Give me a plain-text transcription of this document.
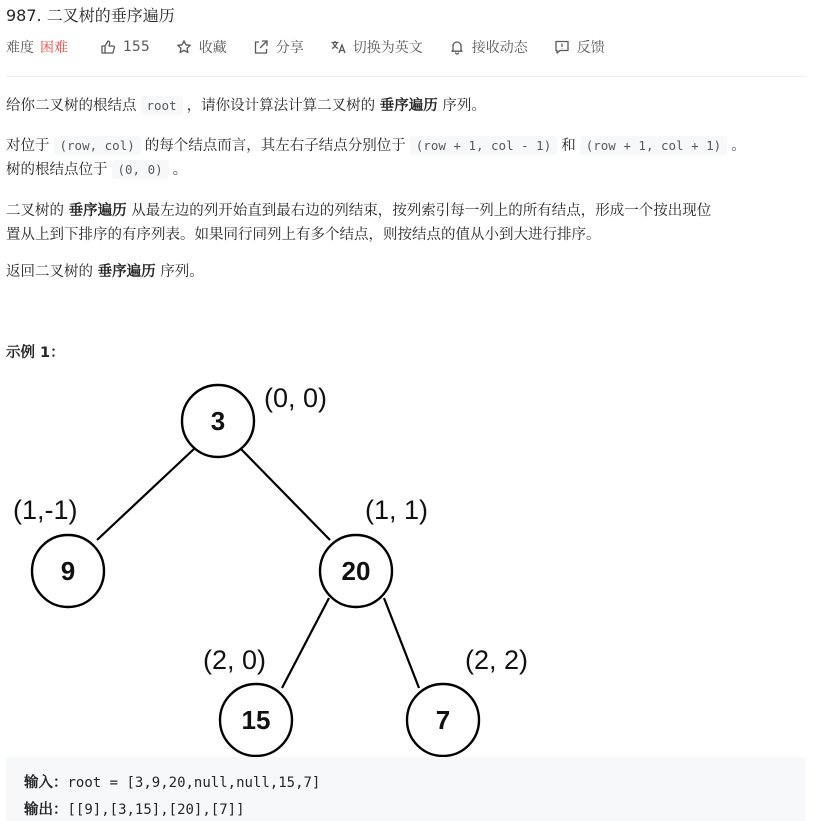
987. 二叉树的垂序遍历
难度 困难	155	收藏	分享	切换为英文	接收动态	反馈
给你二叉树的根结点 root ，请你设计算法计算二叉树的 垂序遍历 序列。
对位于 (row, col) 的每个结点而言，其左右子结点分别位于 (row + 1, col - 1) 和 (row + 1, col + 1) 。
树的根结点位于 (0, 0) 。
二叉树的 垂序遍历 从最左边的列开始直到最右边的列结束，按列索引每一列上的所有结点，形成一个按出现位
置从上到下排序的有序列表。如果同行同列上有多个结点，则按结点的值从小到大进行排序。
返回二叉树的 垂序遍历 序列。
示例 1：
3
9	20
15	7
(0, 0)
(1,-1)	(1, 1)
(2, 0)	(2, 2)
输入：root = [3,9,20,null,null,15,7]
输出：[[9],[3,15],[20],[7]]
